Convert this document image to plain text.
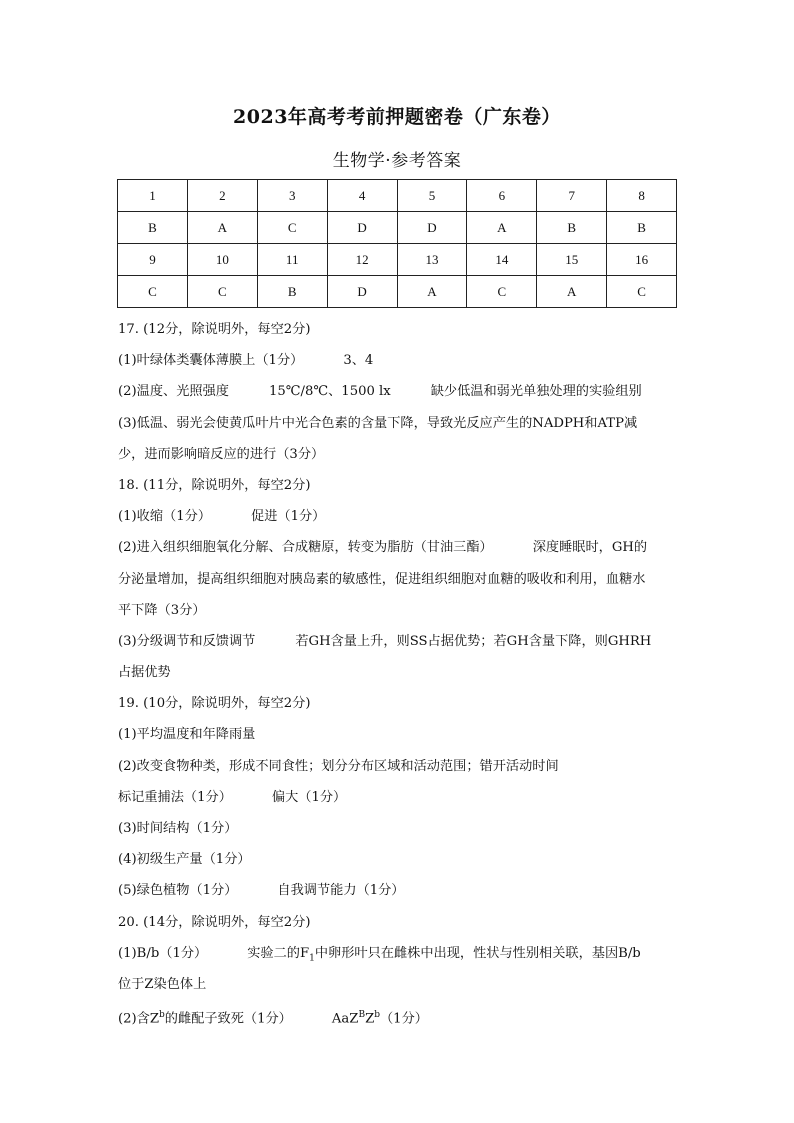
2023年高考考前押题密卷（广东卷）
生物学·参考答案
1	2	3	4	5	6	7	8
B	A	C	D	D	A	B	B
9	10	11	12	13	14	15	16
C	C	B	D	A	C	A	C
17. (12分，除说明外，每空2分)
(1)叶绿体类囊体薄膜上（1分）	3、4
(2)温度、光照强度	15℃/8℃、1500 lx	缺少低温和弱光单独处理的实验组别
(3)低温、弱光会使黄瓜叶片中光合色素的含量下降，导致光反应产生的NADPH和ATP减
少，进而影响暗反应的进行（3分）
18. (11分，除说明外，每空2分)
(1)收缩（1分）	促进（1分）
(2)进入组织细胞氧化分解、合成糖原，转变为脂肪（甘油三酯）	深度睡眠时，GH的
分泌量增加，提高组织细胞对胰岛素的敏感性，促进组织细胞对血糖的吸收和利用，血糖水
平下降（3分）
(3)分级调节和反馈调节	若GH含量上升，则SS占据优势；若GH含量下降，则GHRH
占据优势
19. (10分，除说明外，每空2分)
(1)平均温度和年降雨量
(2)改变食物种类，形成不同食性；划分分布区域和活动范围；错开活动时间
标记重捕法（1分）	偏大（1分）
(3)时间结构（1分）
(4)初级生产量（1分）
(5)绿色植物（1分）	自我调节能力（1分）
20. (14分，除说明外，每空2分)
(1)B/b（1分）	实验二的$F_1$中卵形叶只在雌株中出现，性状与性别相关联，基因B/b
位于Z染色体上
(2)含$Z^b$的雌配子致死（1分）	$AaZ^BZ^b(1$分）
